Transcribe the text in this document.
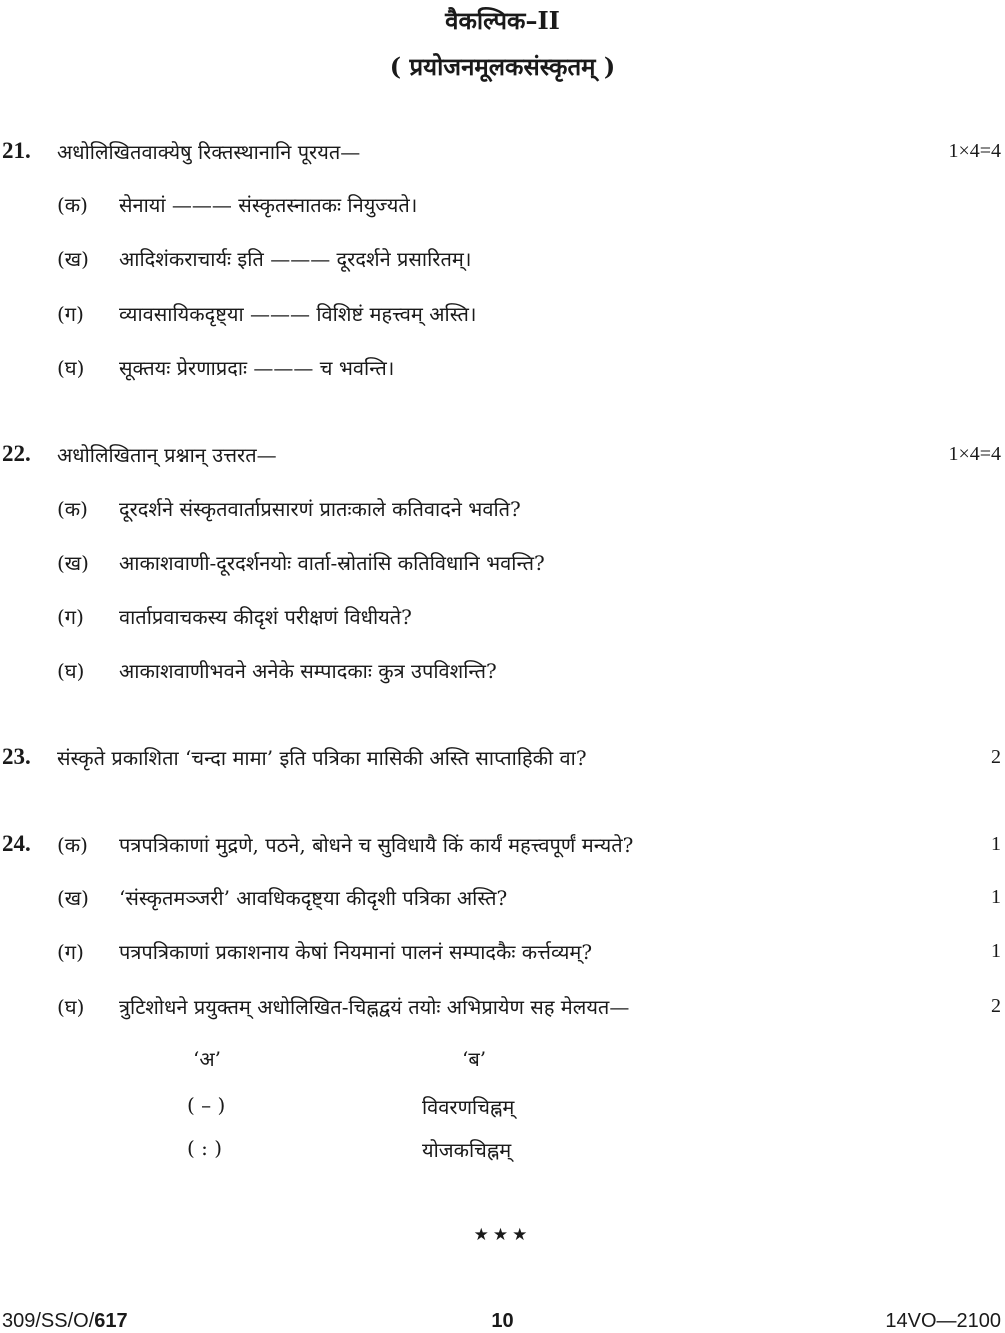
वैकल्पिक–II
( प्रयोजनमूलकसंस्कृतम् )
21. अधोलिखितवाक्येषु रिक्तस्थानानि पूरयत—	1×4=4
(क) सेनायां ——— संस्कृतस्नातकः नियुज्यते।
(ख) आदिशंकराचार्यः इति ——— दूरदर्शने प्रसारितम्।
(ग) व्यावसायिकदृष्ट्या ——— विशिष्टं महत्त्वम् अस्ति।
(घ) सूक्तयः प्रेरणाप्रदाः ——— च भवन्ति।
22. अधोलिखितान् प्रश्नान् उत्तरत—	1×4=4
(क) दूरदर्शने संस्कृतवार्ताप्रसारणं प्रातःकाले कतिवादने भवति?
(ख) आकाशवाणी-दूरदर्शनयोः वार्ता-स्रोतांसि कतिविधानि भवन्ति?
(ग) वार्ताप्रवाचकस्य कीदृशं परीक्षणं विधीयते?
(घ) आकाशवाणीभवने अनेके सम्पादकाः कुत्र उपविशन्ति?
23. संस्कृते प्रकाशिता ‘चन्दा मामा’ इति पत्रिका मासिकी अस्ति साप्ताहिकी वा?	2
24. (क) पत्रपत्रिकाणां मुद्रणे, पठने, बोधने च सुविधायै किं कार्यं महत्त्वपूर्णं मन्यते?	1
(ख) ‘संस्कृतमञ्जरी’ आवधिकदृष्ट्या कीदृशी पत्रिका अस्ति?	1
(ग) पत्रपत्रिकाणां प्रकाशनाय केषां नियमानां पालनं सम्पादकैः कर्त्तव्यम्?	1
(घ) त्रुटिशोधने प्रयुक्तम् अधोलिखित-चिह्नद्वयं तयोः अभिप्रायेण सह मेलयत—	2
‘अ’	‘ब’
( – )	विवरणचिह्नम्
( : )	योजकचिह्नम्
★★★
309/SS/O/617	10	14VO—2100
